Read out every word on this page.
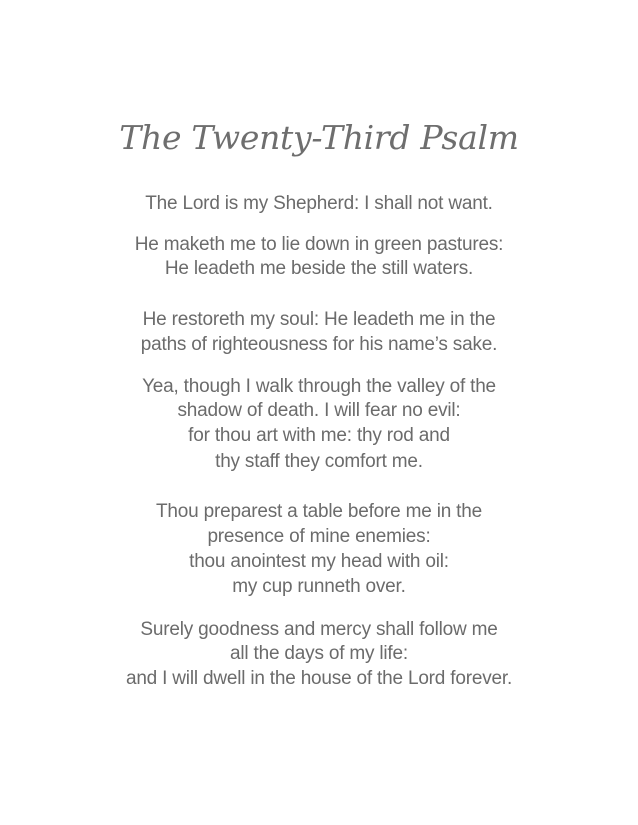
The Twenty-Third Psalm
The Lord is my Shepherd: I shall not want.
He maketh me to lie down in green pastures:
He leadeth me beside the still waters.
He restoreth my soul: He leadeth me in the
paths of righteousness for his name’s sake.
Yea, though I walk through the valley of the
shadow of death. I will fear no evil:
for thou art with me: thy rod and
thy staff they comfort me.
Thou preparest a table before me in the
presence of mine enemies:
thou anointest my head with oil:
my cup runneth over.
Surely goodness and mercy shall follow me
all the days of my life:
and I will dwell in the house of the Lord forever.
